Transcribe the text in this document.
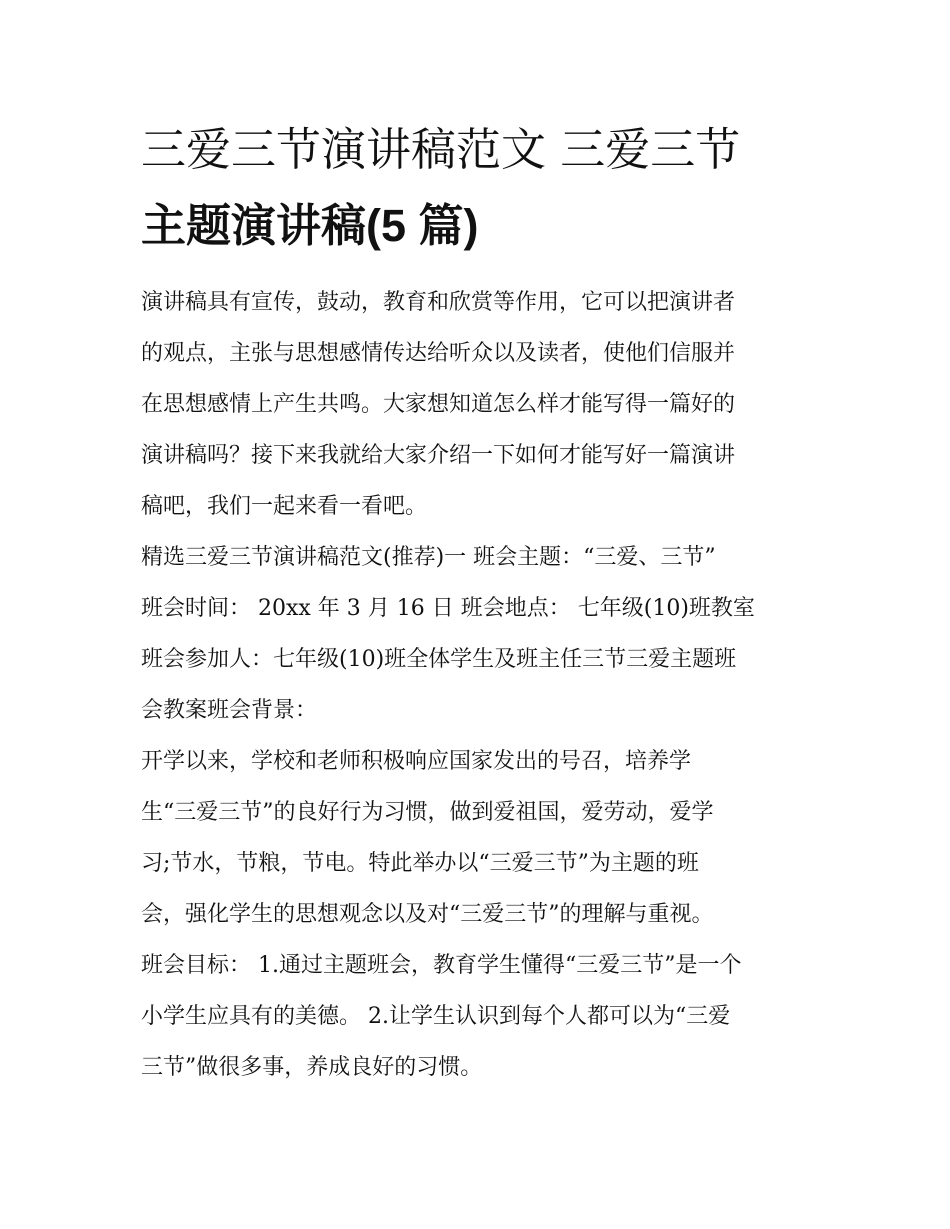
三爱三节演讲稿范文 三爱三节
主题演讲稿(5 篇)
演讲稿具有宣传，鼓动，教育和欣赏等作用，它可以把演讲者
的观点，主张与思想感情传达给听众以及读者，使他们信服并
在思想感情上产生共鸣。大家想知道怎么样才能写得一篇好的
演讲稿吗？接下来我就给大家介绍一下如何才能写好一篇演讲
稿吧，我们一起来看一看吧。
精选三爱三节演讲稿范文(推荐)一 班会主题：“三爱、三节”
班会时间： 20xx 年 3 月 16 日 班会地点： 七年级(10)班教室
班会参加人：七年级(10)班全体学生及班主任三节三爱主题班
会教案班会背景：
开学以来，学校和老师积极响应国家发出的号召，培养学
生“三爱三节”的良好行为习惯，做到爱祖国，爱劳动，爱学
习;节水，节粮，节电。特此举办以“三爱三节”为主题的班
会，强化学生的思想观念以及对“三爱三节”的理解与重视。
班会目标： 1.通过主题班会，教育学生懂得“三爱三节”是一个
小学生应具有的美德。 2.让学生认识到每个人都可以为“三爱
三节”做很多事，养成良好的习惯。
